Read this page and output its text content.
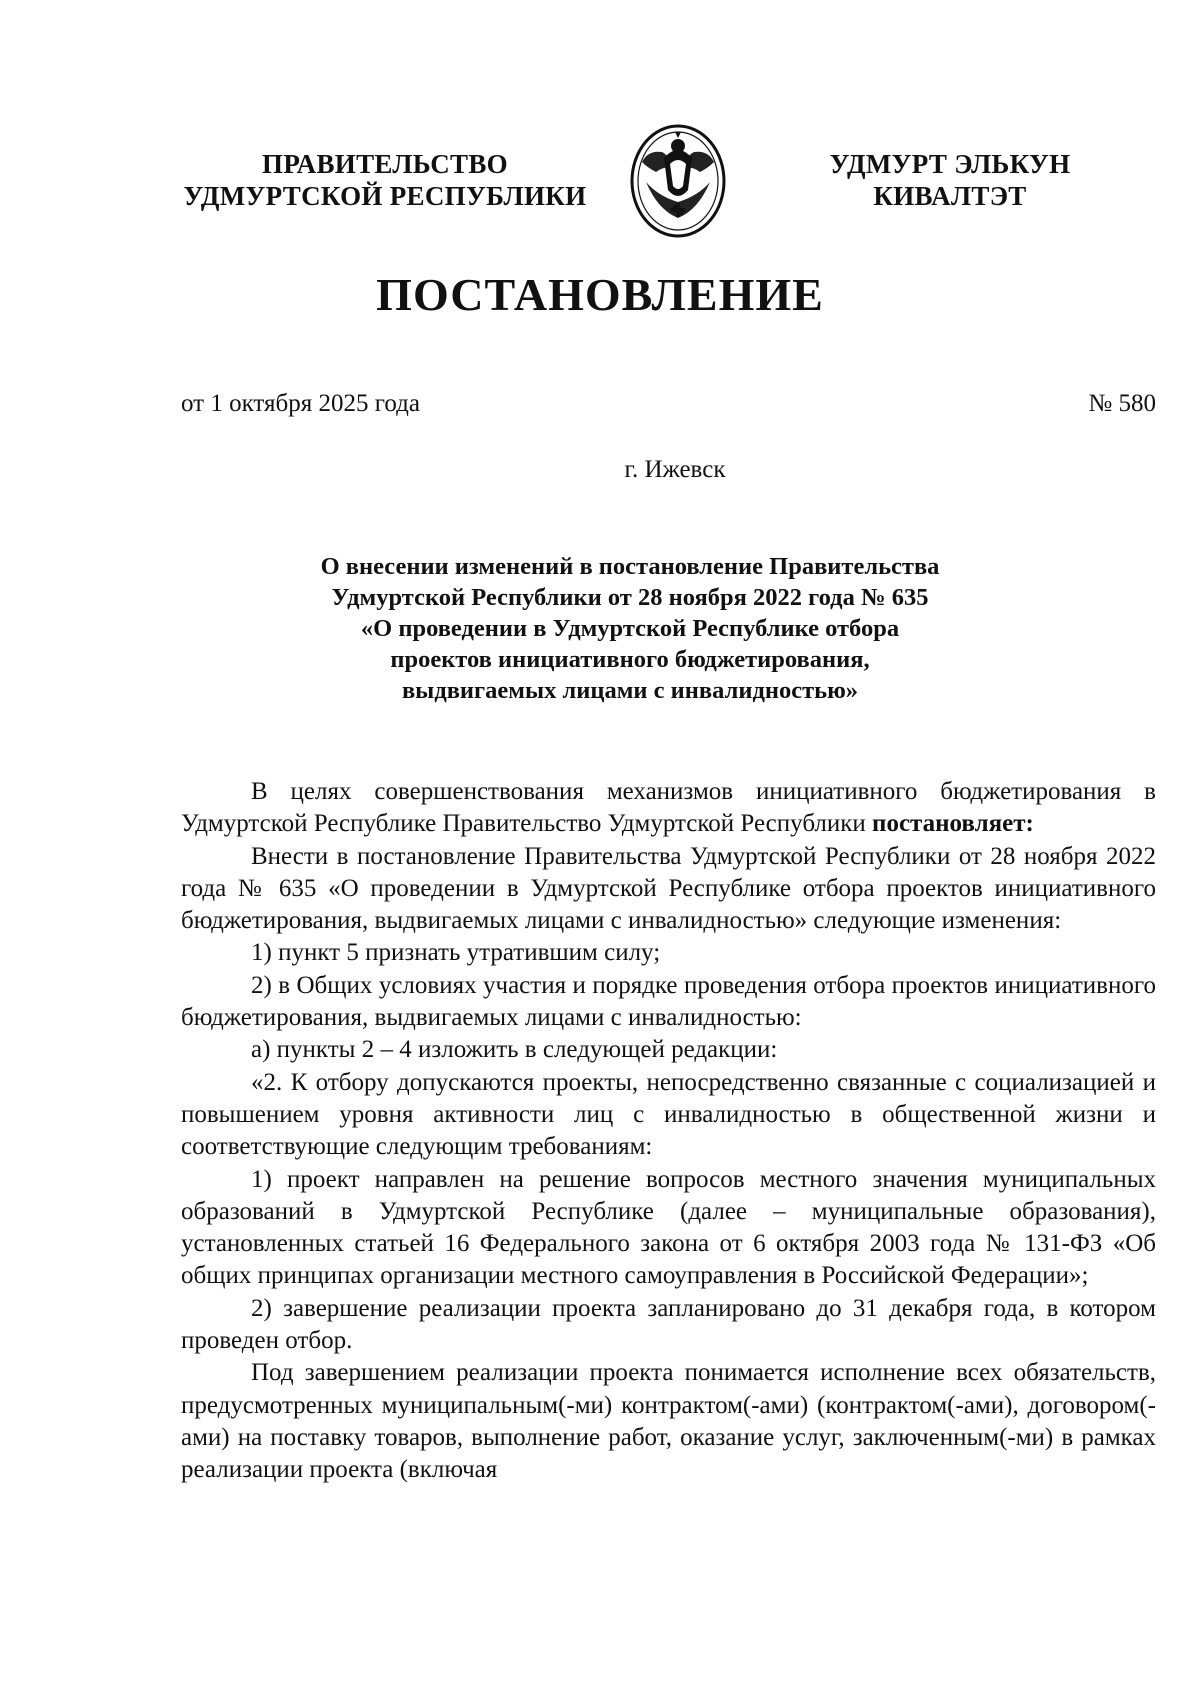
ПРАВИТЕЛЬСТВО
УДМУРТСКОЙ РЕСПУБЛИКИ
УДМУРТ ЭЛЬКУН
КИВАЛТЭТ
ПОСТАНОВЛЕНИЕ
от 1 октября 2025 года	№ 580
г. Ижевск
О внесении изменений в постановление Правительства
Удмуртской Республики от 28 ноября 2022 года № 635
«О проведении в Удмуртской Республике отбора
проектов инициативного бюджетирования,
выдвигаемых лицами с инвалидностью»

В целях совершенствования механизмов инициативного бюджетирования в Удмуртской Республике Правительство Удмуртской Республики постановляет:

Внести в постановление Правительства Удмуртской Республики от 28 ноября 2022 года № 635 «О проведении в Удмуртской Республике отбора проектов инициативного бюджетирования, выдвигаемых лицами с инвалидностью» следующие изменения:

1) пункт 5 признать утратившим силу;

2) в Общих условиях участия и порядке проведения отбора проектов инициативного бюджетирования, выдвигаемых лицами с инвалидностью:

а) пункты 2 – 4 изложить в следующей редакции:

«2. К отбору допускаются проекты, непосредственно связанные с социализацией и повышением уровня активности лиц с инвалидностью в общественной жизни и соответствующие следующим требованиям:

1) проект направлен на решение вопросов местного значения муниципальных образований в Удмуртской Республике (далее – муниципальные образования), установленных статьей 16 Федерального закона от 6 октября 2003 года № 131-ФЗ «Об общих принципах организации местного самоуправления в Российской Федерации»;

2) завершение реализации проекта запланировано до 31 декабря года, в котором проведен отбор.

Под завершением реализации проекта понимается исполнение всех обязательств, предусмотренных муниципальным(-ми) контрактом(-ами) (контрактом(-ами), договором(-ами) на поставку товаров, выполнение работ, оказание услуг, заключенным(-ми) в рамках реализации проекта (включая
